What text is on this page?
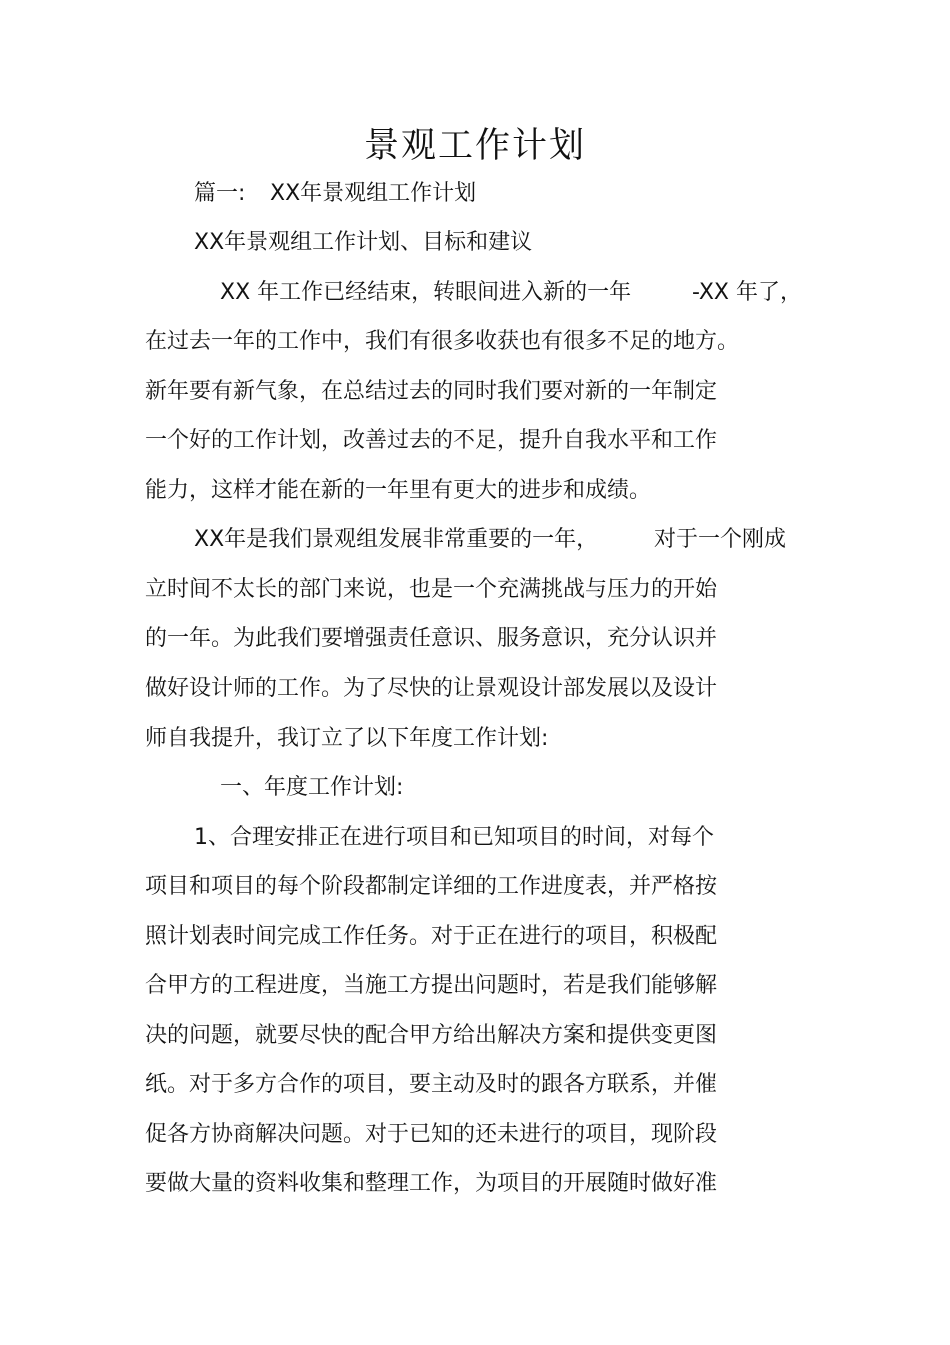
景观工作计划
篇一: XX年景观组工作计划
XX年景观组工作计划、目标和建议
XX 年工作已经结束，转眼间进入新的一年	-XX 年了，
在过去一年的工作中，我们有很多收获也有很多不足的地方。
新年要有新气象，在总结过去的同时我们要对新的一年制定
一个好的工作计划，改善过去的不足，提升自我水平和工作
能力，这样才能在新的一年里有更大的进步和成绩。
XX年是我们景观组发展非常重要的一年，	对于一个刚成
立时间不太长的部门来说，也是一个充满挑战与压力的开始
的一年。为此我们要增强责任意识、服务意识，充分认识并
做好设计师的工作。为了尽快的让景观设计部发展以及设计
师自我提升，我订立了以下年度工作计划:
一、年度工作计划:
1、合理安排正在进行项目和已知项目的时间，对每个
项目和项目的每个阶段都制定详细的工作进度表，并严格按
照计划表时间完成工作任务。对于正在进行的项目，积极配
合甲方的工程进度，当施工方提出问题时，若是我们能够解
决的问题，就要尽快的配合甲方给出解决方案和提供变更图
纸。对于多方合作的项目，要主动及时的跟各方联系，并催
促各方协商解决问题。对于已知的还未进行的项目，现阶段
要做大量的资料收集和整理工作，为项目的开展随时做好准
